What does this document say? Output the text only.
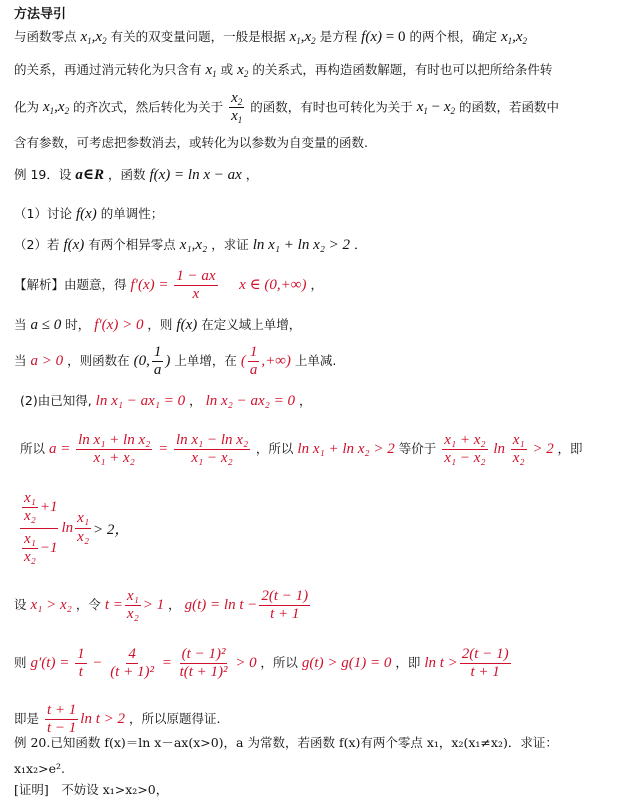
方法导引
与函数零点 $x_1,x_2$ 有关的双变量问题，一般是根据 $x_1,x_2$ 是方程 f(x) = 0 的两个根，确定 $x_1,x_2$
的关系，再通过消元转化为只含有 $x_1$ 或 $x_2$ 的关系式，再构造函数解题，有时也可以把所给条件转
化为 $x_1,x_2$ 的齐次式，然后转化为关于 $\frac{x_2}{x_1}$ 的函数，有时也可转化为关于 $x_1 - x_2$ 的函数，若函数中
含有参数，可考虑把参数消去，或转化为以参数为自变量的函数.
例 19．设 a∈R ，函数 f(x) = ln x − ax ，
（1）讨论 f(x) 的单调性；
（2）若 f(x) 有两个相异零点 x₁,x₂ ，求证 ln x₁ + ln x₂ > 2 ．
【解析】由题意，得 $f'(x) = \frac{1 - ax}{x}$ x ∈ (0,+∞) ，
当 a ≤ 0 时， f′(x) > 0 ，则 f(x) 在定义域上单增，
当 a > 0 ，则函数在 (0, $\frac{1}{a}$ ) 上单增，在 ( $\frac{1}{a}$ ,+∞) 上单减.
(2)由已知得, ln x₁ − ax₁ = 0 ， ln x₂ − ax₂ = 0 ，
所以 $a = \frac{\text{ln x₁ + ln x₂}}{\text{x₁ + x₂}} = \frac{\text{ln x₁ − ln x₂}}{\text{x₁ − x₂}}$ ，所以 ln x₁ + ln x₂ > 2 等价于 $\frac{\text{x₁ + x₂}}{\text{x₁ − x₂}}$ $\ln \frac{\text{x₁}}{\text{x₂}} > 2$ ，即
$\frac{\text{x₁}}{\text{x₂}} +1$
$\frac{\text{x₁}}{\text{x₂}} -1$
$\ln \frac{\text{x₁}}{\text{x₂}} > 2$，
设 x₁ > x₂ ，令 $t = \frac{\text{x₁}}{\text{x₂}} > 1$ ， $g(t) = \ln t - \frac{2(t - 1)}{t + 1}$
则 $g'(t) = \frac{1}{t} - \frac{4}{\text{(t + 1)²}} = \frac{\text{(t − 1)²}}{\text{t(t + 1)²}} > 0$ ，所以 g(t) > g(1) = 0 ，即 $\ln t > \frac{2(t - 1)}{t + 1}$
即是 $\frac{t + 1}{t - 1}$ ln t > 2 ，所以原题得证.
例 20.已知函数 f(x)＝ln x－ax(x>0)，a 为常数，若函数 f(x)有两个零点 x₁，x₂(x₁≠x₂)．求证：
x₁x₂>e².
[证明]　不妨设 x₁>x₂>0，
